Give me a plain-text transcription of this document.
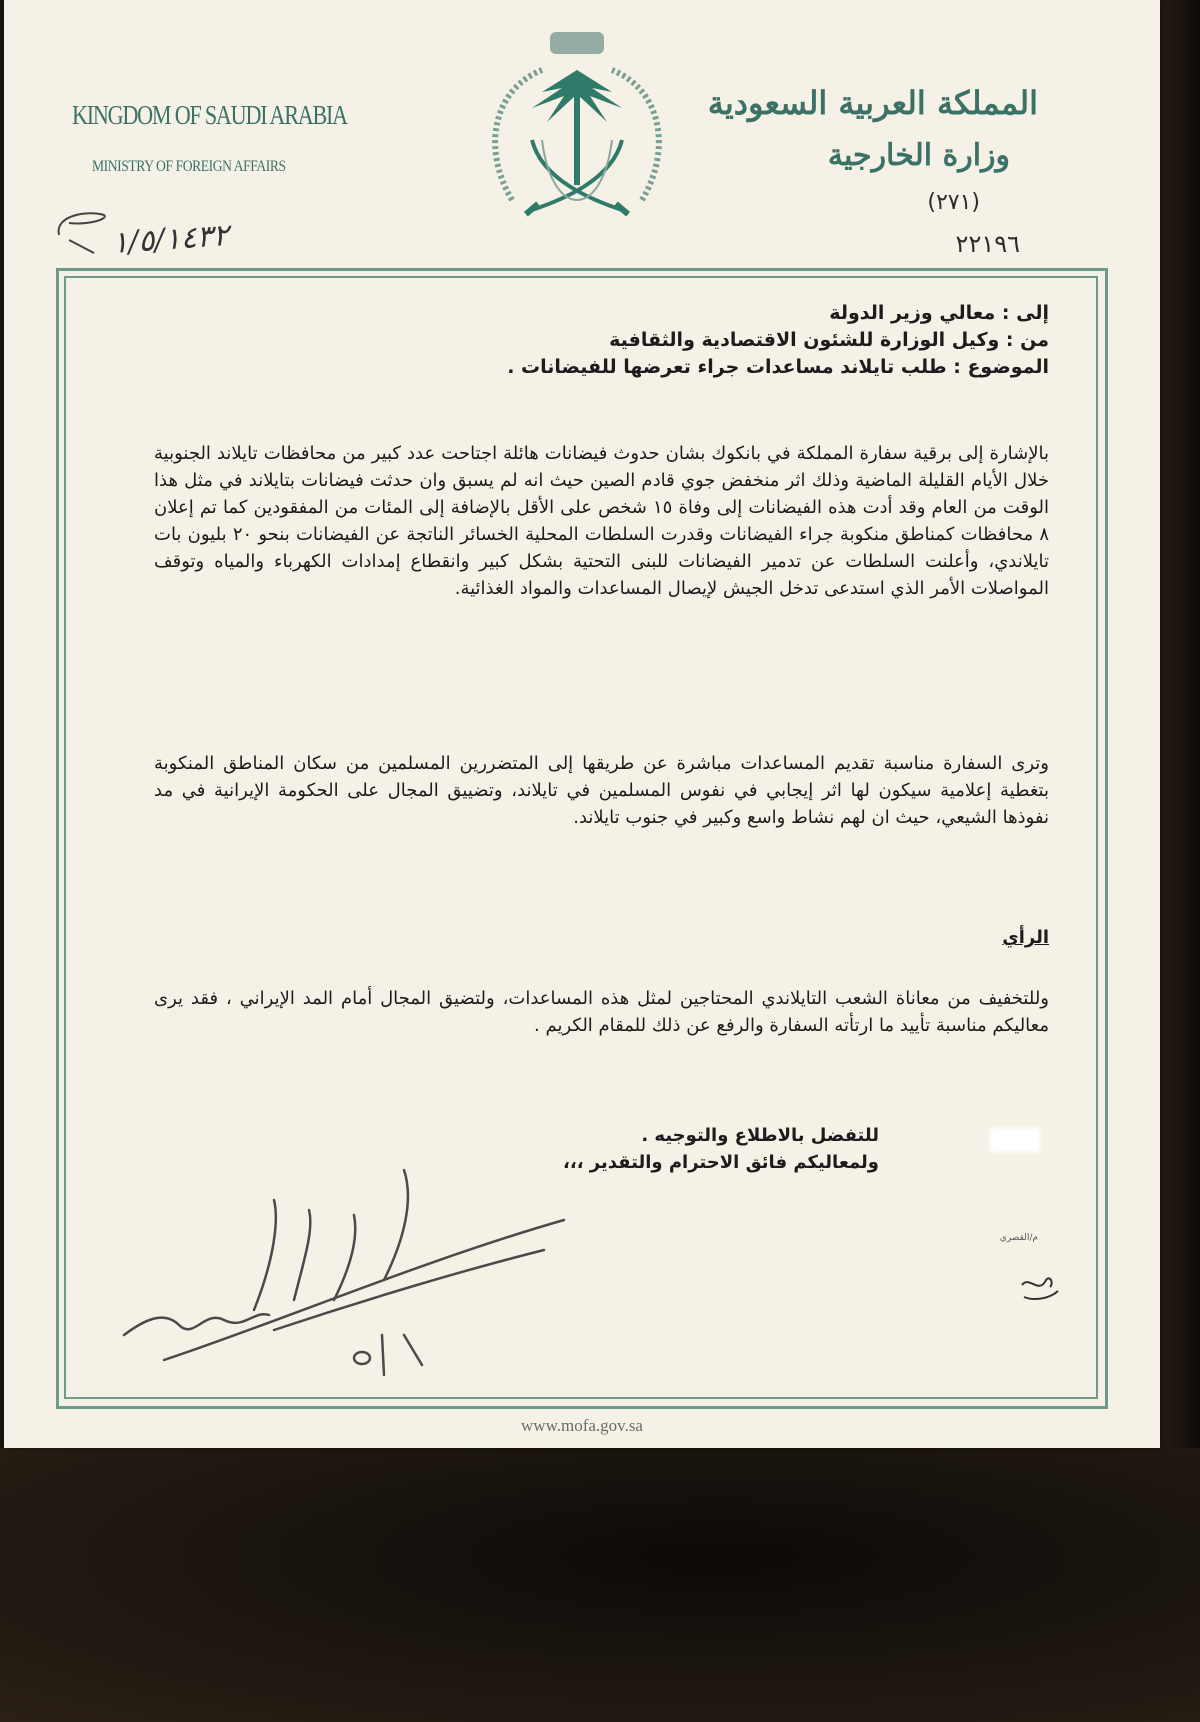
KINGDOM OF SAUDI ARABIA
MINISTRY OF FOREIGN AFFAIRS
المملكة العربية السعودية
وزارة الخارجية
(٢٧١)
٢٢١٩٦
١/٥/١٤٣٢
إلى : معالي وزير الدولة
من : وكيل الوزارة للشئون الاقتصادية والثقافية
الموضوع : طلب تايلاند مساعدات جراء تعرضها للفيضانات .

بالإشارة إلى برقية سفارة المملكة في بانكوك بشان حدوث فيضانات هائلة اجتاحت عدد كبير من محافظات تايلاند الجنوبية خلال الأيام القليلة الماضية وذلك اثر منخفض جوي قادم الصين حيث انه لم يسبق وان حدثت فيضانات بتايلاند في مثل هذا الوقت من العام وقد أدت هذه الفيضانات إلى وفاة ١٥ شخص على الأقل بالإضافة إلى المئات من المفقودين كما تم إعلان ٨ محافظات كمناطق منكوبة جراء الفيضانات وقدرت السلطات المحلية الخسائر الناتجة عن الفيضانات بنحو ٢٠ بليون بات تايلاندي، وأعلنت السلطات عن تدمير الفيضانات للبنى التحتية بشكل كبير وانقطاع إمدادات الكهرباء والمياه وتوقف المواصلات الأمر الذي استدعى تدخل الجيش لإيصال المساعدات والمواد الغذائية.

وترى السفارة مناسبة تقديم المساعدات مباشرة عن طريقها إلى المتضررين المسلمين من سكان المناطق المنكوبة بتغطية إعلامية سيكون لها اثر إيجابي في نفوس المسلمين في تايلاند، وتضييق المجال على الحكومة الإيرانية في مد نفوذها الشيعي، حيث ان لهم نشاط واسع وكبير في جنوب تايلاند.

الرأي

وللتخفيف من معاناة الشعب التايلاندي المحتاجين لمثل هذه المساعدات، ولتضيق المجال أمام المد الإيراني ، فقد يرى معاليكم مناسبة تأييد ما ارتأته السفارة والرفع عن ذلك للمقام الكريم .

للتفضل بالاطلاع والتوجيه .
ولمعاليكم فائق الاحترام والتقدير ،،،
م/القصري
www.mofa.gov.sa
